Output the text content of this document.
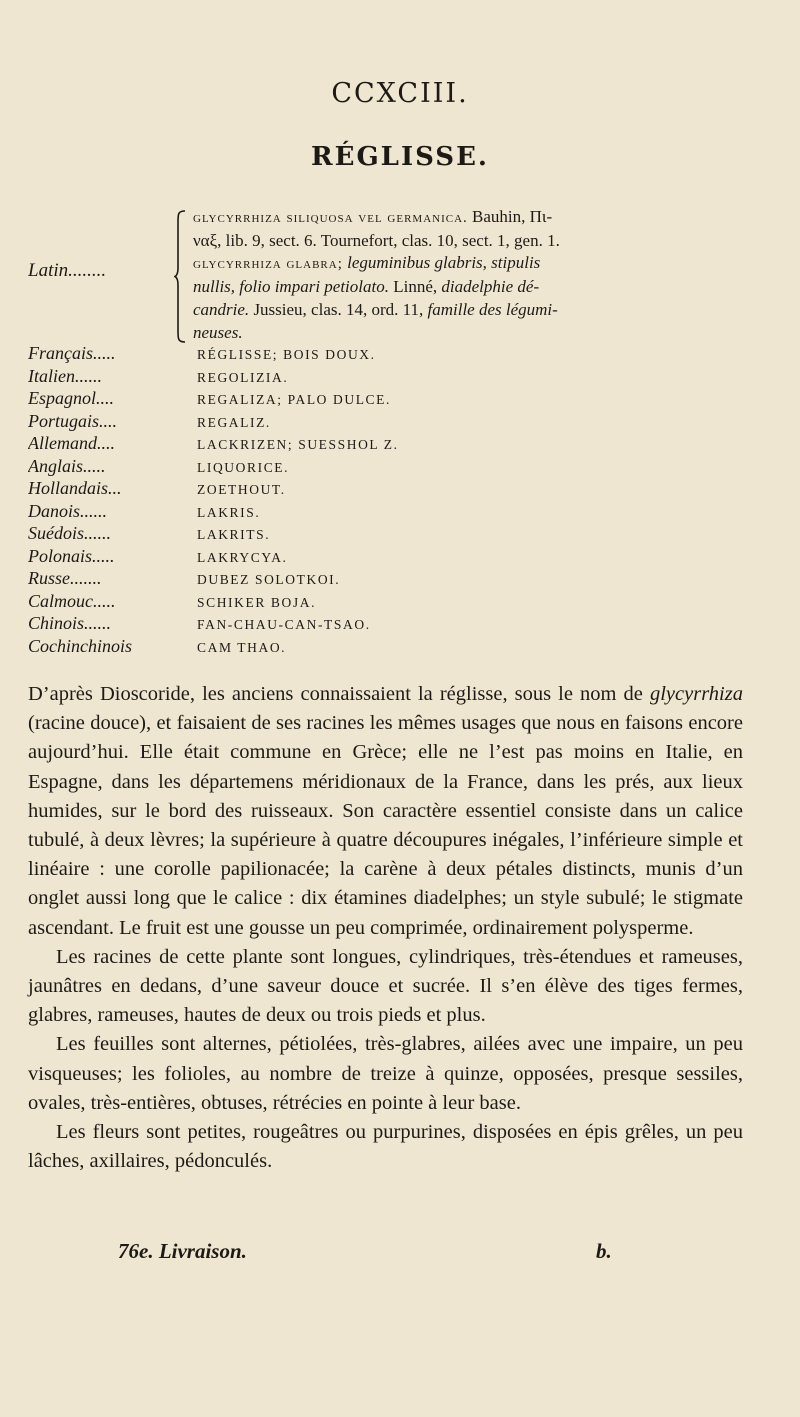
CCXCIII.
RÉGLISSE.
Latin........
glycyrrhiza siliquosa vel germanica. Bauhin, Πι-
ναξ, lib. 9, sect. 6. Tournefort, clas. 10, sect. 1, gen. 1.
glycyrrhiza glabra; leguminibus glabris, stipulis
nullis, folio impari petiolato. Linné, diadelphie dé-
candrie. Jussieu, clas. 14, ord. 11, famille des légumi-
neuses.
Français.....	RÉGLISSE; BOIS DOUX.
Italien......	REGOLIZIA.
Espagnol....	REGALIZA; PALO DULCE.
Portugais....	REGALIZ.
Allemand....	LACKRIZEN; SUESSHOL Z.
Anglais.....	LIQUORICE.
Hollandais...	ZOETHOUT.
Danois......	LAKRIS.
Suédois......	LAKRITS.
Polonais.....	LAKRYCYA.
Russe.......	DUBEZ SOLOTKOI.
Calmouc.....	SCHIKER BOJA.
Chinois......	FAN-CHAU-CAN-TSAO.
Cochinchinois	CAM THAO.

D’après Dioscoride, les anciens connaissaient la réglisse, sous le nom de glycyrrhiza (racine douce), et faisaient de ses racines les mêmes usages que nous en faisons encore aujourd’hui. Elle était commune en Grèce; elle ne l’est pas moins en Italie, en Espagne, dans les départemens méridionaux de la France, dans les prés, aux lieux humides, sur le bord des ruisseaux. Son caractère essentiel consiste dans un calice tubulé, à deux lèvres; la supérieure à quatre découpures inégales, l’inférieure simple et linéaire : une corolle papilionacée; la carène à deux pétales distincts, munis d’un onglet aussi long que le calice : dix étamines diadelphes; un style subulé; le stigmate ascendant. Le fruit est une gousse un peu comprimée, ordinairement polysperme.

Les racines de cette plante sont longues, cylindriques, très-étendues et rameuses, jaunâtres en dedans, d’une saveur douce et sucrée. Il s’en élève des tiges fermes, glabres, rameuses, hautes de deux ou trois pieds et plus.

Les feuilles sont alternes, pétiolées, très-glabres, ailées avec une impaire, un peu visqueuses; les folioles, au nombre de treize à quinze, opposées, presque sessiles, ovales, très-entières, obtuses, rétrécies en pointe à leur base.

Les fleurs sont petites, rougeâtres ou purpurines, disposées en épis grêles, un peu lâches, axillaires, pédonculés.

76e. Livraison.	b.
